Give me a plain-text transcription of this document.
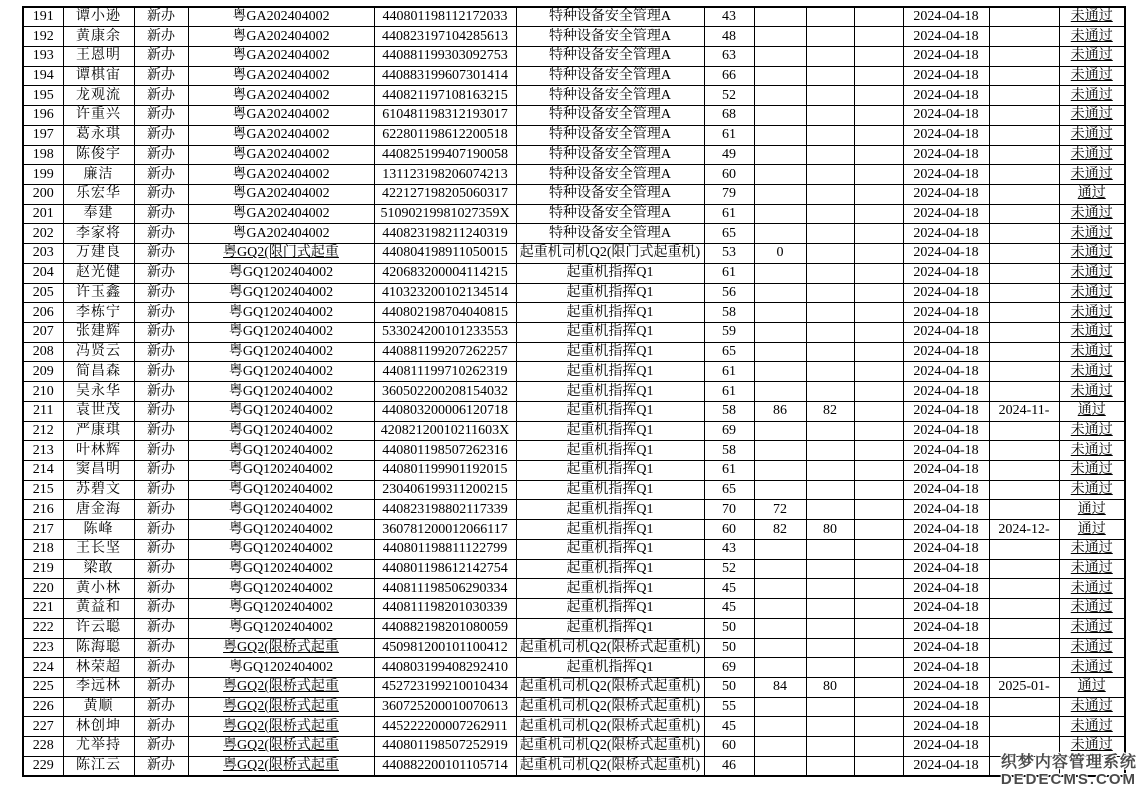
191	谭小逊	新办	粤GA202404002	440801198112172033	特种设备安全管理A	43				2024-04-18		未通过
192	黄康余	新办	粤GA202404002	440823197104285613	特种设备安全管理A	48				2024-04-18		未通过
193	王恩明	新办	粤GA202404002	440881199303092753	特种设备安全管理A	63				2024-04-18		未通过
194	谭棋宙	新办	粤GA202404002	440883199607301414	特种设备安全管理A	66				2024-04-18		未通过
195	龙观流	新办	粤GA202404002	440821197108163215	特种设备安全管理A	52				2024-04-18		未通过
196	许重兴	新办	粤GA202404002	610481198312193017	特种设备安全管理A	68				2024-04-18		未通过
197	葛永琪	新办	粤GA202404002	622801198612200518	特种设备安全管理A	61				2024-04-18		未通过
198	陈俊宇	新办	粤GA202404002	440825199407190058	特种设备安全管理A	49				2024-04-18		未通过
199	廉洁	新办	粤GA202404002	131123198206074213	特种设备安全管理A	60				2024-04-18		未通过
200	乐宏华	新办	粤GA202404002	422127198205060317	特种设备安全管理A	79				2024-04-18		通过
201	奉建	新办	粤GA202404002	51090219981027359X	特种设备安全管理A	61				2024-04-18		未通过
202	李家将	新办	粤GA202404002	440823198211240319	特种设备安全管理A	65				2024-04-18		未通过
203	万建良	新办	粤GQ2(限门式起重	440804198911050015	起重机司机Q2(限门式起重机)	53	0			2024-04-18		未通过
204	赵光健	新办	粤GQ1202404002	420683200004114215	起重机指挥Q1	61				2024-04-18		未通过
205	许玉鑫	新办	粤GQ1202404002	410323200102134514	起重机指挥Q1	56				2024-04-18		未通过
206	李栋宁	新办	粤GQ1202404002	440802198704040815	起重机指挥Q1	58				2024-04-18		未通过
207	张建辉	新办	粤GQ1202404002	533024200101233553	起重机指挥Q1	59				2024-04-18		未通过
208	冯贤云	新办	粤GQ1202404002	440881199207262257	起重机指挥Q1	65				2024-04-18		未通过
209	简昌森	新办	粤GQ1202404002	440811199710262319	起重机指挥Q1	61				2024-04-18		未通过
210	吴永华	新办	粤GQ1202404002	360502200208154032	起重机指挥Q1	61				2024-04-18		未通过
211	袁世茂	新办	粤GQ1202404002	440803200006120718	起重机指挥Q1	58	86	82		2024-04-18	2024-11-	通过
212	严康琪	新办	粤GQ1202404002	42082120010211603X	起重机指挥Q1	69				2024-04-18		未通过
213	叶林辉	新办	粤GQ1202404002	440801198507262316	起重机指挥Q1	58				2024-04-18		未通过
214	窦昌明	新办	粤GQ1202404002	440801199901192015	起重机指挥Q1	61				2024-04-18		未通过
215	苏碧文	新办	粤GQ1202404002	230406199311200215	起重机指挥Q1	65				2024-04-18		未通过
216	唐金海	新办	粤GQ1202404002	440823198802117339	起重机指挥Q1	70	72			2024-04-18		通过
217	陈峰	新办	粤GQ1202404002	360781200012066117	起重机指挥Q1	60	82	80		2024-04-18	2024-12-	通过
218	王长坚	新办	粤GQ1202404002	440801198811122799	起重机指挥Q1	43				2024-04-18		未通过
219	梁敢	新办	粤GQ1202404002	440801198612142754	起重机指挥Q1	52				2024-04-18		未通过
220	黄小林	新办	粤GQ1202404002	440811198506290334	起重机指挥Q1	45				2024-04-18		未通过
221	黄益和	新办	粤GQ1202404002	440811198201030339	起重机指挥Q1	45				2024-04-18		未通过
222	许云聪	新办	粤GQ1202404002	440882198201080059	起重机指挥Q1	50				2024-04-18		未通过
223	陈海聪	新办	粤GQ2(限桥式起重	450981200101100412	起重机司机Q2(限桥式起重机)	50				2024-04-18		未通过
224	林荣超	新办	粤GQ1202404002	440803199408292410	起重机指挥Q1	69				2024-04-18		未通过
225	李远林	新办	粤GQ2(限桥式起重	452723199210010434	起重机司机Q2(限桥式起重机)	50	84	80		2024-04-18	2025-01-	通过
226	黄顺	新办	粤GQ2(限桥式起重	360725200010070613	起重机司机Q2(限桥式起重机)	55				2024-04-18		未通过
227	林创坤	新办	粤GQ2(限桥式起重	445222200007262911	起重机司机Q2(限桥式起重机)	45				2024-04-18		未通过
228	尤举持	新办	粤GQ2(限桥式起重	440801198507252919	起重机司机Q2(限桥式起重机)	60				2024-04-18		未通过
229	陈江云	新办	粤GQ2(限桥式起重	440882200101105714	起重机司机Q2(限桥式起重机)	46				2024-04-18		织梦内容管理系统
DEDECMS.COM
